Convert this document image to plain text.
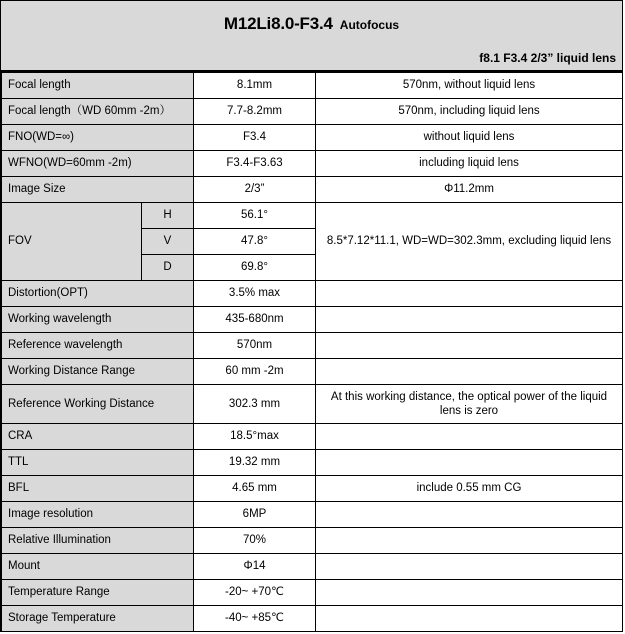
M12Li8.0-F3.4 Autofocus
f8.1 F3.4 2/3” liquid lens
Focal length		8.1mm	570nm, without liquid lens
Focal length（WD 60mm -2m）		7.7-8.2mm	570nm, including liquid lens
FNO(WD=∞)		F3.4	without liquid lens
WFNO(WD=60mm -2m)		F3.4-F3.63	including liquid lens
Image Size		2/3”	Φ11.2mm
FOV	H	56.1°	8.5*7.12*11.1, WD=WD=302.3mm, excluding liquid lens
	V	47.8°	
	D	69.8°	
Distortion(OPT)		3.5% max	
Working wavelength		435-680nm	
Reference wavelength		570nm	
Working Distance Range		60 mm -2m	
Reference Working Distance		302.3 mm	At this working distance, the optical power of the liquid lens is zero
CRA		18.5°max	
TTL		19.32 mm	
BFL		4.65 mm	include 0.55 mm CG
Image resolution		6MP	
Relative Illumination		70%	
Mount		Φ14	
Temperature Range		-20~ +70℃	
Storage Temperature		-40~ +85℃	
